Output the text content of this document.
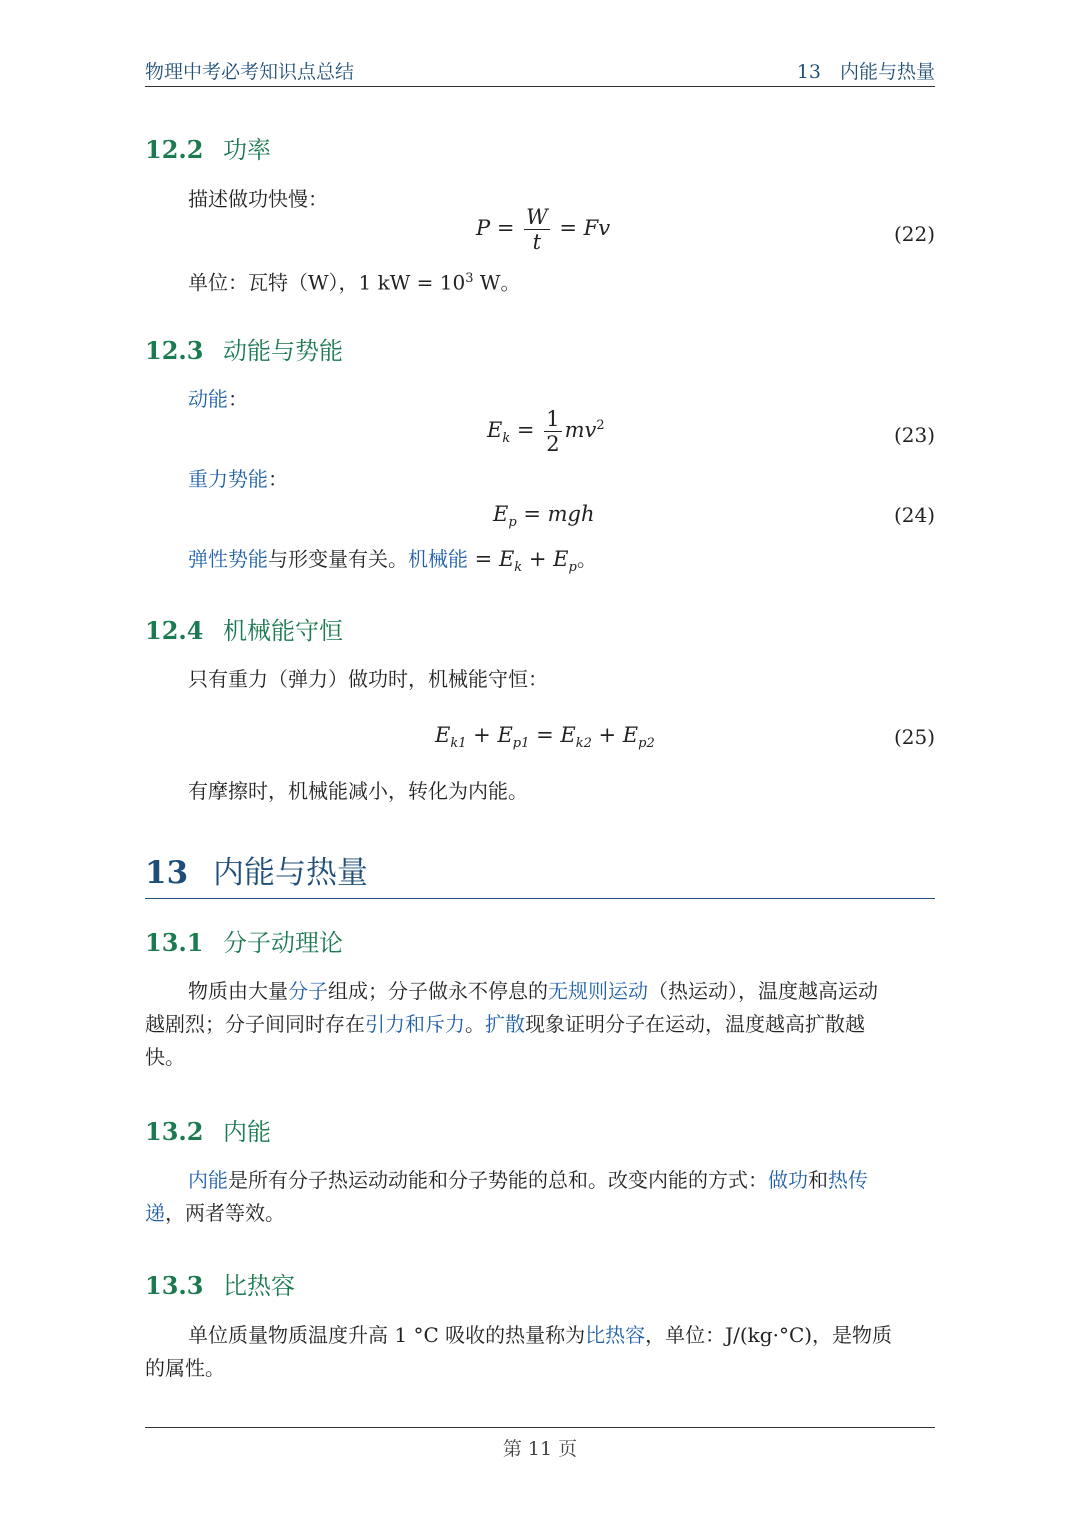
物理中考必考知识点总结	13　内能与热量
12.2 功率
描述做功快慢：
$P = \frac{W}{t} = Fv$	(22)
单位：瓦特（W），1 kW = $10^3$ W。
12.3 动能与势能
动能：
$E_k = \frac{1}{2} mv^2$	(23)
重力势能：
$E_p$ = mgh	(24)
弹性势能与形变量有关。机械能 = $E_k + E_p$。
12.4 机械能守恒
只有重力（弹力）做功时，机械能守恒：
$E_{k1} + E_{p1} = E_{k2} + E_{p2}$	(25)
有摩擦时，机械能减小，转化为内能。
13 内能与热量
13.1 分子动理论
物质由大量分子组成；分子做永不停息的无规则运动（热运动），温度越高运动
越剧烈；分子间同时存在引力和斥力。扩散现象证明分子在运动，温度越高扩散越
快。
13.2 内能
内能是所有分子热运动动能和分子势能的总和。改变内能的方式：做功和热传
递，两者等效。
13.3 比热容
单位质量物质温度升高 1 °C 吸收的热量称为比热容，单位：J/(kg·°C)，是物质
的属性。
第 11 页
